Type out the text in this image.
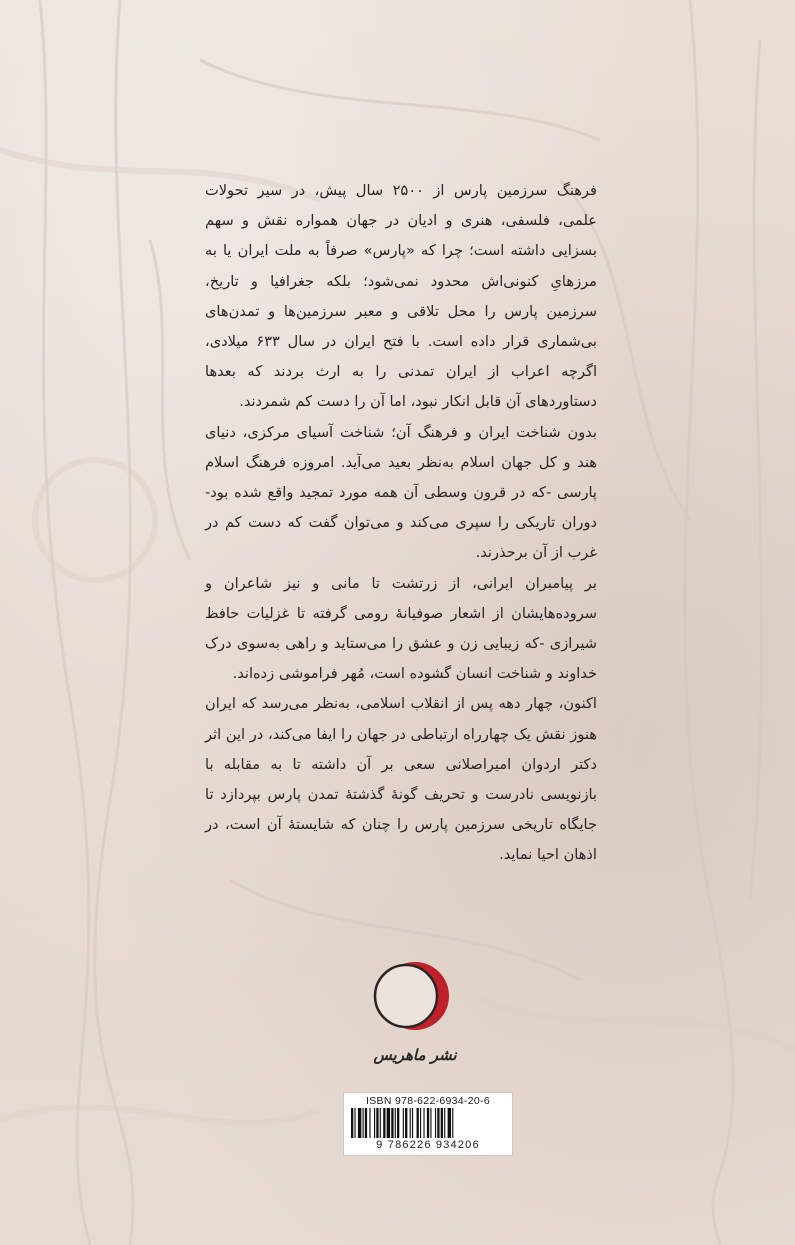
فرهنگ سرزمین پارس از ۲۵۰۰ سال پیش، در سیر تحولات علمی، فلسفی، هنری و ادیان در جهان همواره نقش و سهم بسزایی داشته است؛ چرا که «پارس» صرفاً به ملت ایران یا به مرزهایِ کنونی‌اش محدود نمی‌شود؛ بلکه جغرافیا و تاریخ، سرزمین پارس را محل تلاقی و معبر سرزمین‌ها و تمدن‌های بی‌شماری قرار داده است. با فتح ایران در سال ۶۳۳ میلادی، اگرچه اعراب از ایران تمدنی را به ارث بردند که بعدها دستاوردهای آن قابل انکار نبود، اما آن را دست کم شمردند.

بدون شناخت ایران و فرهنگ آن؛ شناخت آسیای مرکزی، دنیای هند و کل جهان اسلام به‌نظر بعید می‌آید. امروزه فرهنگ اسلام پارسی -که در قرون وسطی آن همه مورد تمجید واقع شده بود- دوران تاریکی را سپری می‌کند و می‌توان گفت که دست کم در غرب از آن برحذرند.

بر پیامبران ایرانی، از زرتشت تا مانی و نیز شاعران و سروده‌هایشان از اشعار صوفیانهٔ رومی گرفته تا غزلیات حافظ شیرازی -که زیبایی زن و عشق را می‌ستاید و راهی به‌سوی درک خداوند و شناخت انسان گشوده است، مُهر فراموشی زده‌اند.

اکنون، چهار دهه پس از انقلاب اسلامی، به‌نظر می‌رسد که ایران هنوز نقش یک چهارراه ارتباطی در جهان را ایفا می‌کند، در این اثر دکتر اردوان امیراصلانی سعی بر آن داشته تا به مقابله با بازنویسی نادرست و تحریف گونهٔ گذشتهٔ تمدن پارس بپردازد تا جایگاه تاریخی سرزمین پارس را چنان که شایستهٔ آن است، در اذهان احیا نماید.

نشر ماهریس
ISBN 978-622-6934-20-6
9 786226 934206
